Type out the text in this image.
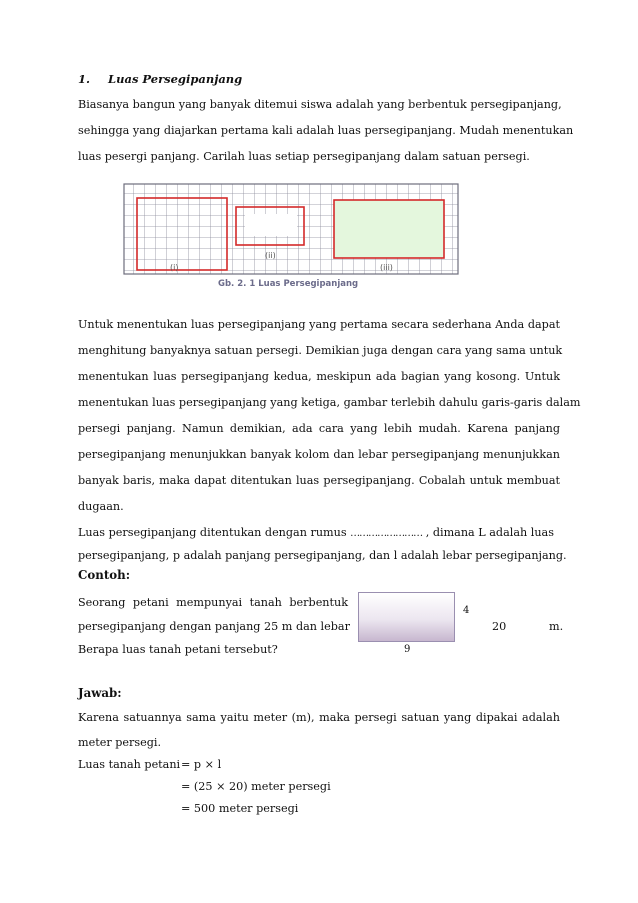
1. Luas Persegipanjang
Biasanya bangun yang banyak ditemui siswa adalah yang berbentuk persegipanjang,
sehingga yang diajarkan pertama kali adalah luas persegipanjang. Mudah menentukan
luas pesergi panjang. Carilah luas setiap persegipanjang dalam satuan persegi.
(i)
(ii)
(iii)
Gb. 2. 1 Luas Persegipanjang
Untuk menentukan luas persegipanjang yang pertama secara sederhana Anda dapat
menghitung banyaknya satuan persegi. Demikian juga dengan cara yang sama untuk
menentukan luas persegipanjang kedua, meskipun ada bagian yang kosong. Untuk
menentukan luas persegipanjang yang ketiga, gambar terlebih dahulu garis-garis dalam
persegi panjang. Namun demikian, ada cara yang lebih mudah. Karena panjang
persegipanjang menunjukkan banyak kolom dan lebar persegipanjang menunjukkan
banyak baris, maka dapat ditentukan luas persegipanjang. Cobalah untuk membuat
dugaan.
Luas persegipanjang ditentukan dengan rumus …………………… , dimana L adalah luas
persegipanjang, p adalah panjang persegipanjang, dan l adalah lebar persegipanjang.
Contoh:
Seorang petani mempunyai tanah berbentuk
persegipanjang dengan panjang 25 m dan lebar
Berapa luas tanah petani tersebut?
4
9
20	m.
Jawab:
Karena satuannya sama yaitu meter (m), maka persegi satuan yang dipakai adalah
meter persegi.
Luas tanah petani = p × l
= (25 × 20) meter persegi
= 500 meter persegi
